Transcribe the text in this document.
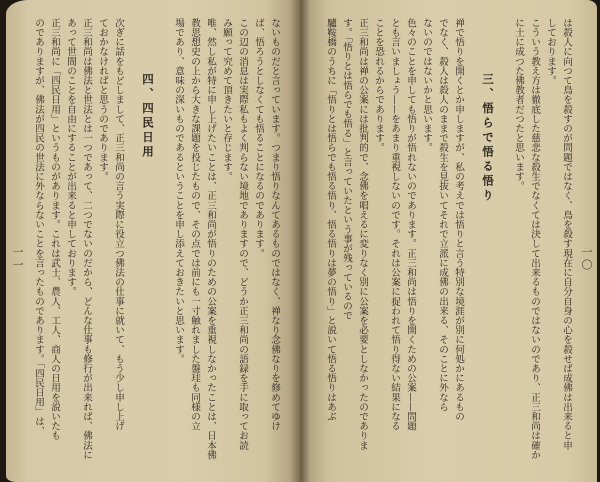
は殺人に向つて鳥を殺すのが問題ではなく、鳥を殺す現在に自分自身の心を殺せば成佛は出来ると申
しております。
こういう教え方は徹底した慈悲な殺生でなくては決して出来るものではないのであり、正三和尚は確か
に土に成つた佛教者だつたと思います。
三、悟らで悟る悟り
禅で悟りを開くとか申しますが、私の考えでは悟りと言う特別な境涯が別に何処かにあるもの
でなく、殺人は殺人のままで殺生を見抜いてそれで立派に成佛の出来る、そのことに外なら
ないのではないかと思います。
色々のことを申しても悟りが悟れないのであります。正三和尚は悟りを開くための公案——問題
とも言いましょう——をあまり重視しないのです。それは公案に捉われて悟り得ない結果になる
ことを恐れるからであります。
正三和尚は禅の公案には批判的で、念佛を唱えるに変りなく別に公案を必要としなかったのでありま
す。「悟りとは悟らでも悟る」と言っていたという事が残っているので
驢鞍橋のうちに「悟りとは悟らでも悟る悟り、悟る悟りは夢の悟り」と説いて悟る悟りはあぶ
ないものだと言っています。つまり悟りなんてあるものではなく、禅なり念佛なりを修めてゆけ
ば、悟ろうとしなくても悟ることになるのであります。
この辺の消息は実際私もよく判らない境地でありますので、どうか正三和尚の語録を手に取ってお読
み願って究めて頂きたいと存じます。
唯、然し私が特に申し上げたいことは、正三和尚が悟りのための公案を重視しなかったことは、日本佛
教思想史の上から大きな課題を投じたもので、その点では前にも一寸触れました盤珪も同様の立
場であり、意味の深いものであるということを申し添えておきたいと思います。
四、四民日用
次ぎに話をもどしまして、正三和尚の言う実際に役立つ佛法の仕事に就いて、もう少し申し上げ
ておかなければと思うのであります。
正三和尚は佛法と世法とは一つであって、二つでないのだから、どんな仕事も修行が出来れば、佛法に
あって世間のことを自由にすることが出来ると申しております。
正三和尚に「四民日用」というものがあります。これは武士、農人、工人、商人の日用を説いたも
のでありますが、佛法が四民の世法に外ならないことを言ったものであります。「四民日用」は、	一〇
一一
